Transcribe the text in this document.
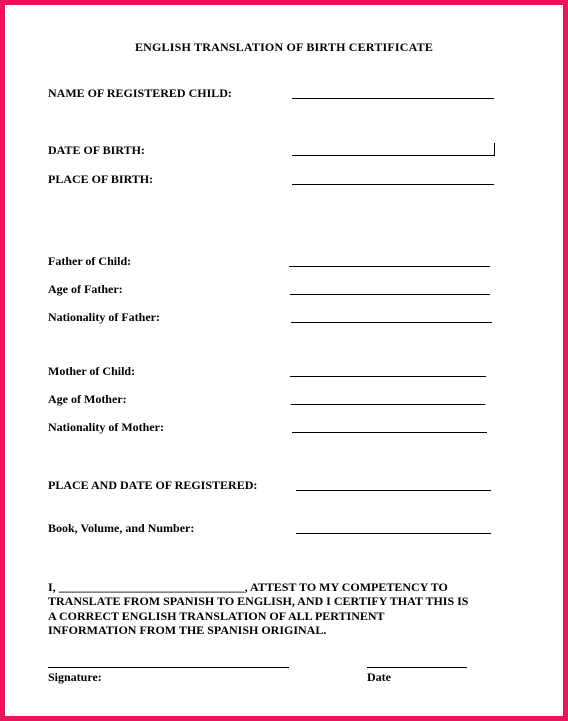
ENGLISH TRANSLATION OF BIRTH CERTIFICATE
NAME OF REGISTERED CHILD:
DATE OF BIRTH:
PLACE OF BIRTH:
Father of Child:
Age of Father:
Nationality of Father:
Mother of Child:
Age of Mother:
Nationality of Mother:
PLACE AND DATE OF REGISTERED:
Book, Volume, and Number:
I, _______________________________, ATTEST TO MY COMPETENCY TO
TRANSLATE FROM SPANISH TO ENGLISH, AND I CERTIFY THAT THIS IS
A CORRECT ENGLISH TRANSLATION OF ALL PERTINENT
INFORMATION FROM THE SPANISH ORIGINAL.
Signature:	Date
